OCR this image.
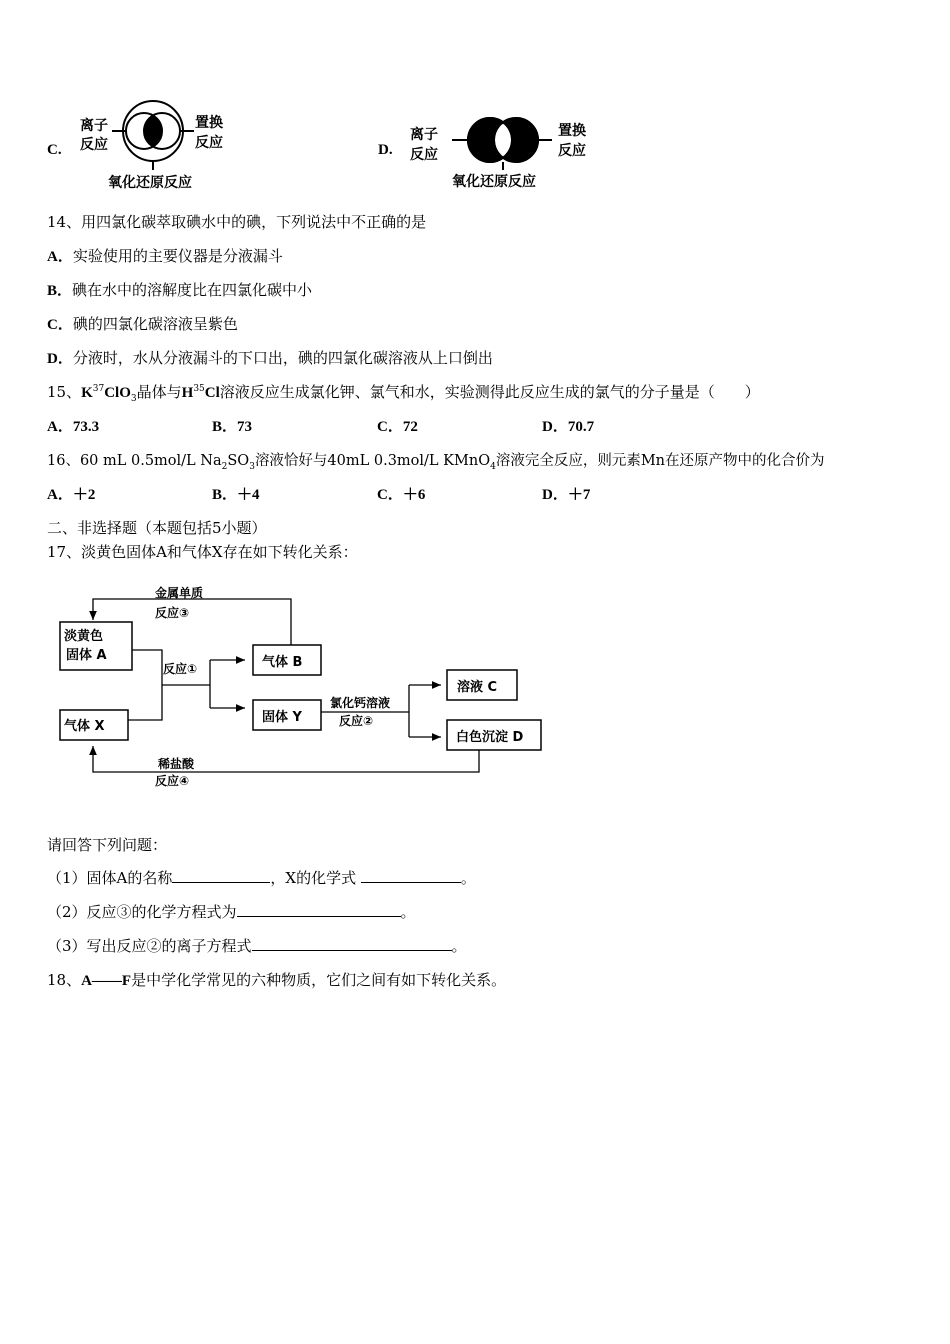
C.
离子
反应
置换
反应
氧化还原反应
D.
离子
反应
置换
反应
氧化还原反应
14、用四氯化碳萃取碘水中的碘，下列说法中不正确的是
A．实验使用的主要仪器是分液漏斗
B．碘在水中的溶解度比在四氯化碳中小
C．碘的四氯化碳溶液呈紫色
D．分液时，水从分液漏斗的下口出，碘的四氯化碳溶液从上口倒出
15、$K^{37}ClO_3$晶体与$H^{35}Cl$溶液反应生成氯化钾、氯气和水，实验测得此反应生成的氯气的分子量是（　　）
A．73.3	B．73	C．72	D．70.7
16、60 mL 0.5mol/L $Na_2SO_3$溶液恰好与40mL 0.3mol/L KMnO$_4$溶液完全反应，则元素Mn在还原产物中的化合价为
A．＋2	B．＋4	C．＋6	D．＋7
二、非选择题（本题包括5小题）
17、淡黄色固体A和气体X存在如下转化关系：
淡黄色
固体 A
气体 X
气体 B
固体 Y
溶液 C
白色沉淀 D
反应①
氯化钙溶液
反应②
金属单质
反应③
稀盐酸
反应④
请回答下列问题：
（1）固体A的名称	，X的化学式	。
（2）反应③的化学方程式为	。
（3）写出反应②的离子方程式	。
18、A——F是中学化学常见的六种物质，它们之间有如下转化关系。
